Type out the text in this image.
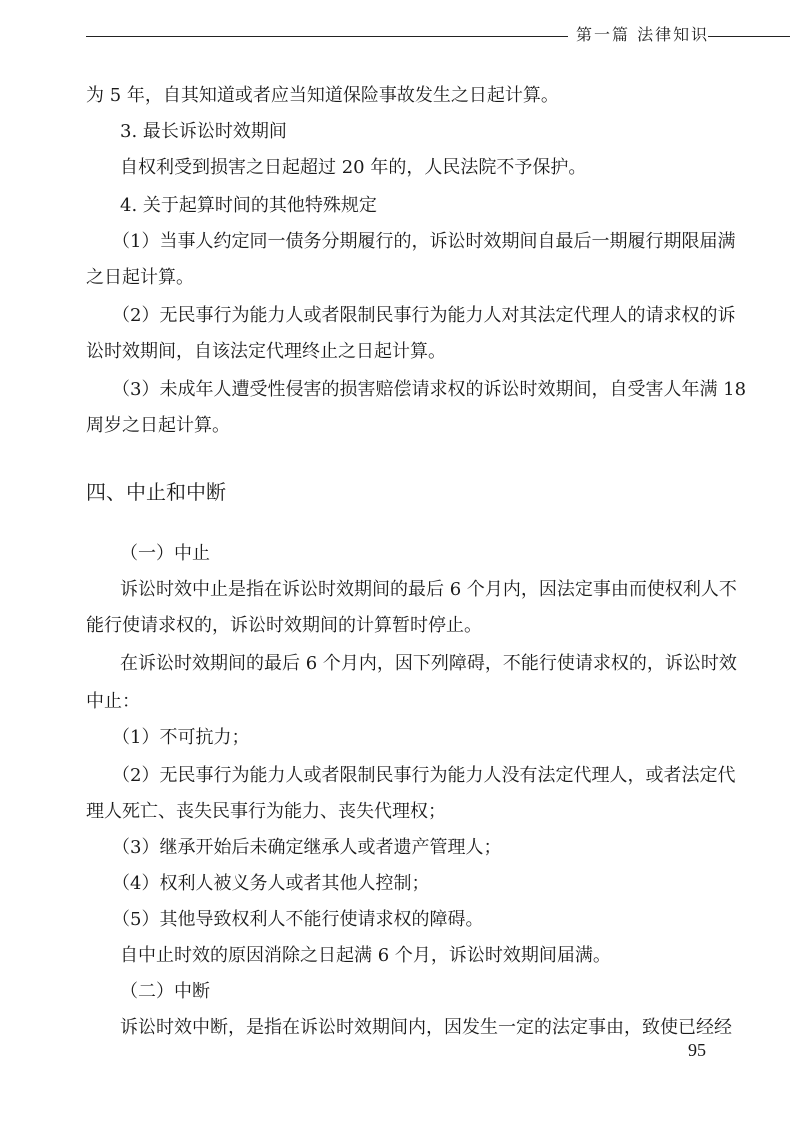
第一篇 法律知识
为 5 年，自其知道或者应当知道保险事故发生之日起计算。
3. 最长诉讼时效期间
自权利受到损害之日起超过 20 年的，人民法院不予保护。
4. 关于起算时间的其他特殊规定
（1）当事人约定同一债务分期履行的，诉讼时效期间自最后一期履行期限届满
之日起计算。
（2）无民事行为能力人或者限制民事行为能力人对其法定代理人的请求权的诉
讼时效期间，自该法定代理终止之日起计算。
（3）未成年人遭受性侵害的损害赔偿请求权的诉讼时效期间，自受害人年满 18
周岁之日起计算。
四、中止和中断
（一）中止
诉讼时效中止是指在诉讼时效期间的最后 6 个月内，因法定事由而使权利人不
能行使请求权的，诉讼时效期间的计算暂时停止。
在诉讼时效期间的最后 6 个月内，因下列障碍，不能行使请求权的，诉讼时效
中止：
（1）不可抗力；
（2）无民事行为能力人或者限制民事行为能力人没有法定代理人，或者法定代
理人死亡、丧失民事行为能力、丧失代理权；
（3）继承开始后未确定继承人或者遗产管理人；
（4）权利人被义务人或者其他人控制；
（5）其他导致权利人不能行使请求权的障碍。
自中止时效的原因消除之日起满 6 个月，诉讼时效期间届满。
（二）中断
诉讼时效中断，是指在诉讼时效期间内，因发生一定的法定事由，致使已经经
95
